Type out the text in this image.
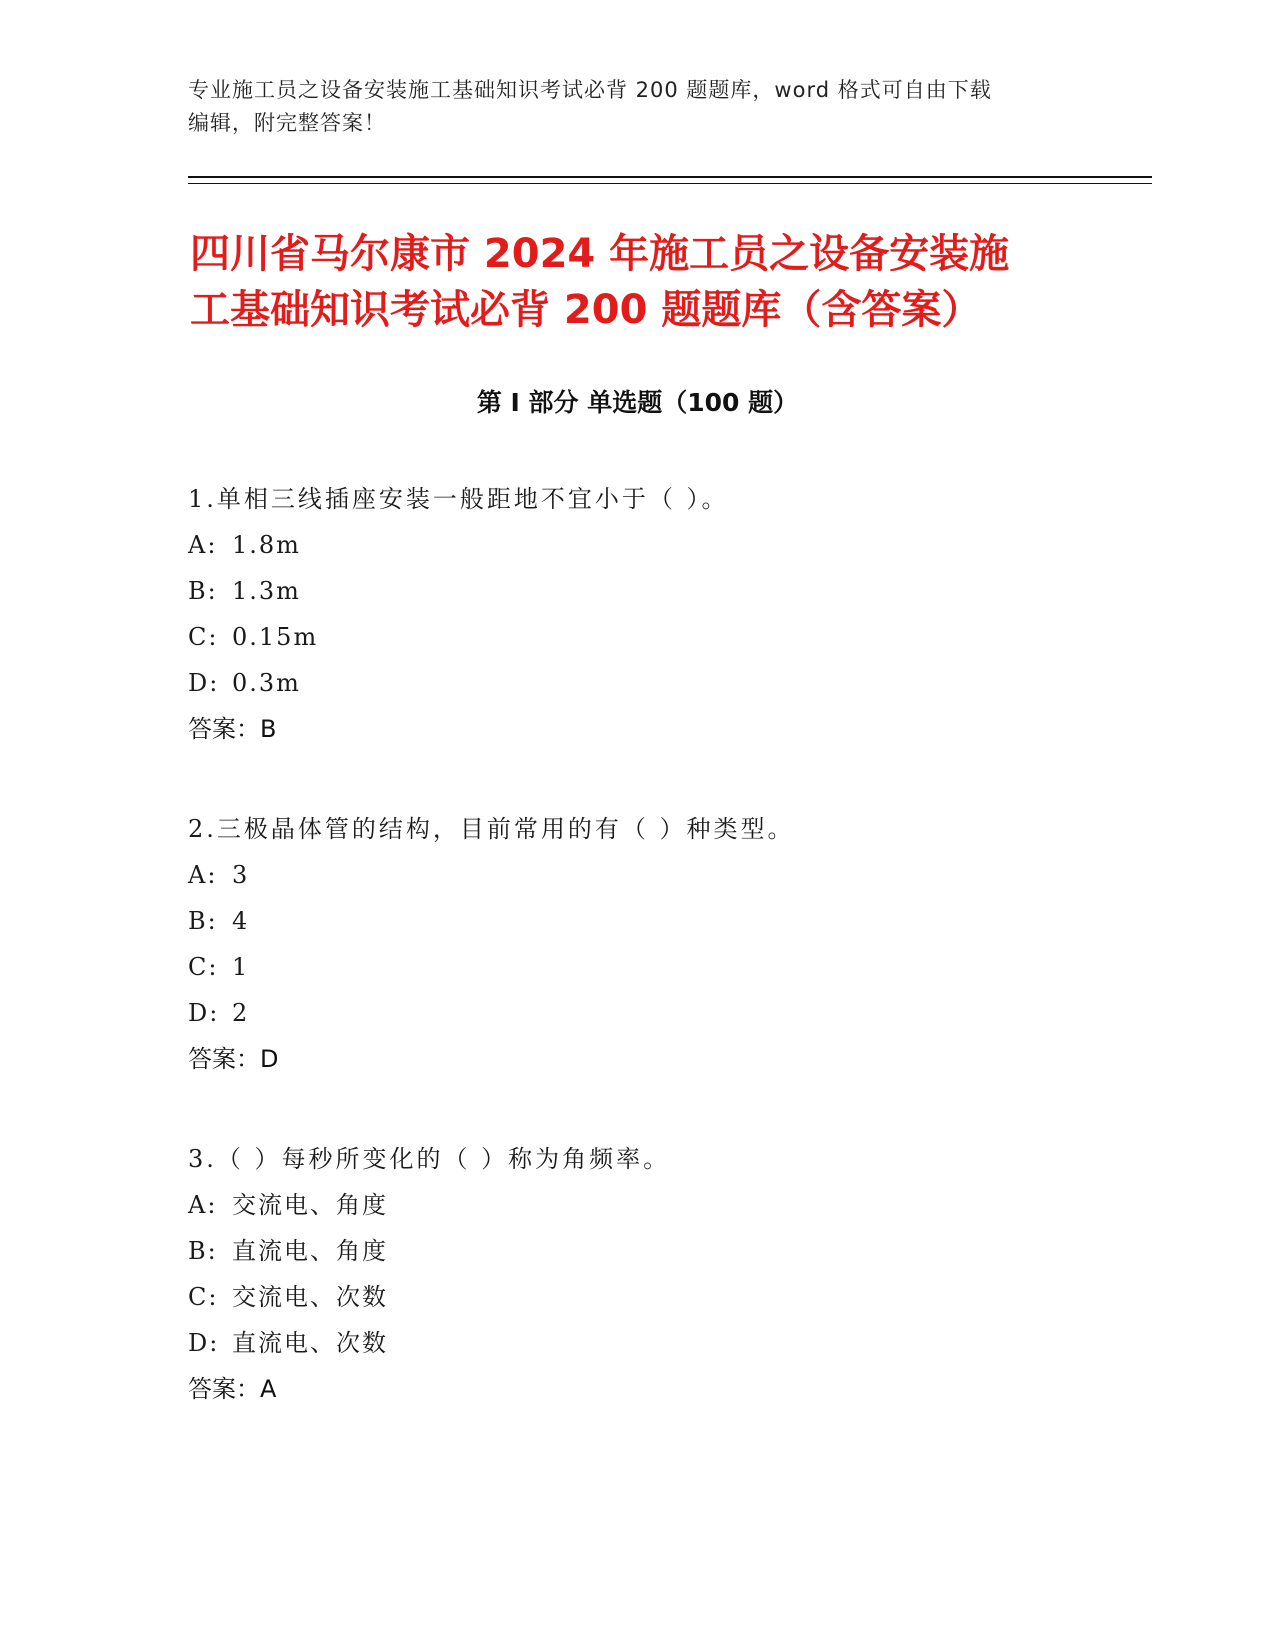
专业施工员之设备安装施工基础知识考试必背 200 题题库，word 格式可自由下载
编辑，附完整答案！
四川省马尔康市 2024 年施工员之设备安装施
工基础知识考试必背 200 题题库（含答案）
第 I 部分 单选题（100 题）
1.单相三线插座安装一般距地不宜小于（ ）。
A: 1.8m
B: 1.3m
C: 0.15m
D: 0.3m
答案：B
2.三极晶体管的结构，目前常用的有（ ）种类型。
A: 3
B: 4
C: 1
D: 2
答案：D
3.（ ）每秒所变化的（ ）称为角频率。
A: 交流电、角度
B: 直流电、角度
C: 交流电、次数
D: 直流电、次数
答案：A
